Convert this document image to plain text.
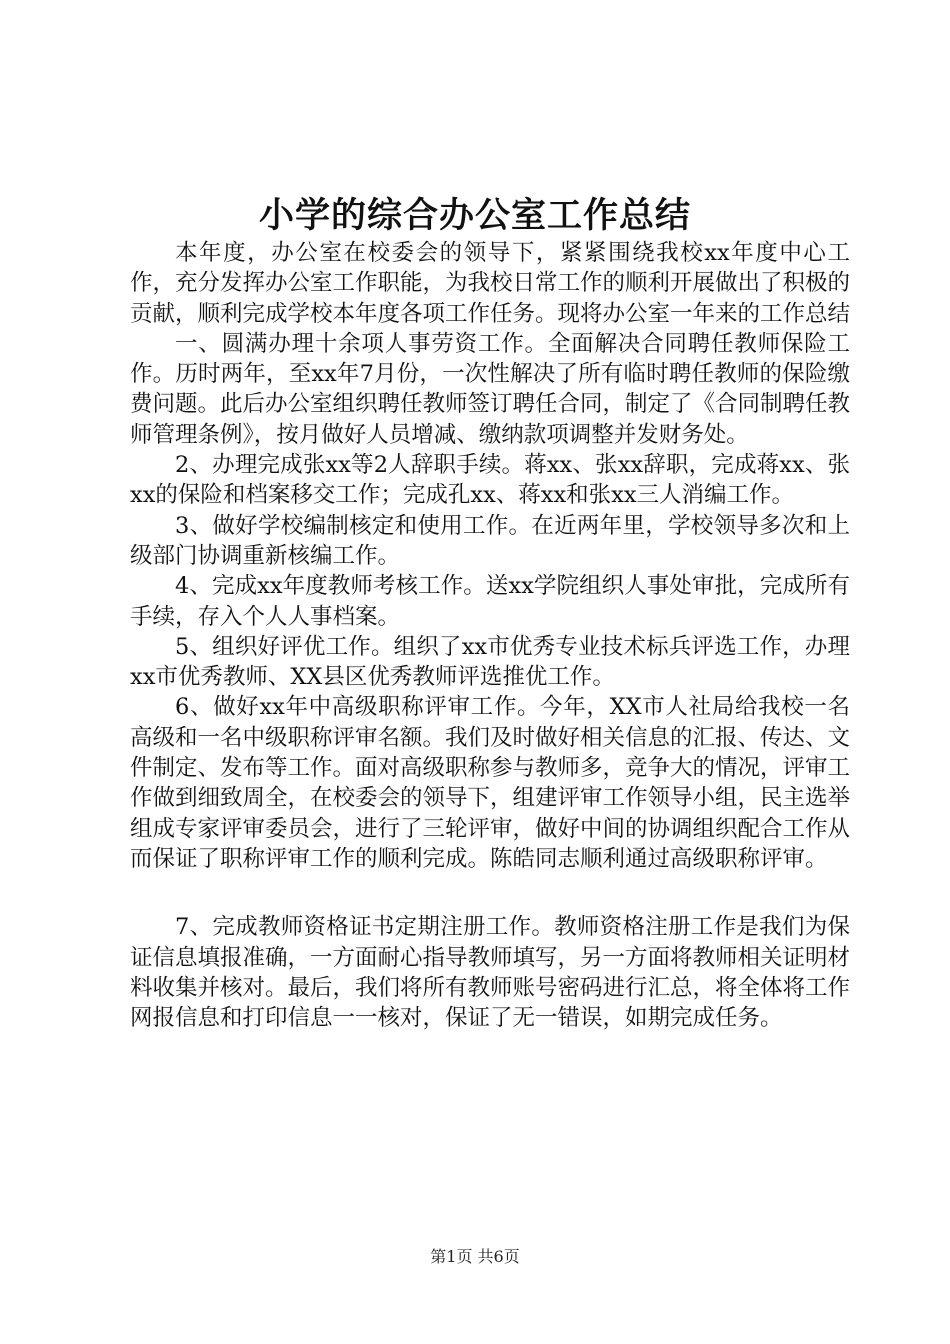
小学的综合办公室工作总结

本年度，办公室在校委会的领导下，紧紧围绕我校xx年度中心工作，充分发挥办公室工作职能，为我校日常工作的顺利开展做出了积极的贡献，顺利完成学校本年度各项工作任务。现将办公室一年来的工作总结

一、圆满办理十余项人事劳资工作。全面解决合同聘任教师保险工作。历时两年，至xx年7月份，一次性解决了所有临时聘任教师的保险缴费问题。此后办公室组织聘任教师签订聘任合同，制定了《合同制聘任教师管理条例》，按月做好人员增减、缴纳款项调整并发财务处。

2、办理完成张xx等2人辞职手续。蒋xx、张xx辞职，完成蒋xx、张xx的保险和档案移交工作；完成孔xx、蒋xx和张xx三人消编工作。

3、做好学校编制核定和使用工作。在近两年里，学校领导多次和上级部门协调重新核编工作。

4、完成xx年度教师考核工作。送xx学院组织人事处审批，完成所有手续，存入个人人事档案。

5、组织好评优工作。组织了xx市优秀专业技术标兵评选工作，办理xx市优秀教师、XX县区优秀教师评选推优工作。

6、做好xx年中高级职称评审工作。今年，XX市人社局给我校一名高级和一名中级职称评审名额。我们及时做好相关信息的汇报、传达、文件制定、发布等工作。面对高级职称参与教师多，竞争大的情况，评审工作做到细致周全，在校委会的领导下，组建评审工作领导小组，民主选举组成专家评审委员会，进行了三轮评审，做好中间的协调组织配合工作从而保证了职称评审工作的顺利完成。陈皓同志顺利通过高级职称评审。

7、完成教师资格证书定期注册工作。教师资格注册工作是我们为保证信息填报准确，一方面耐心指导教师填写，另一方面将教师相关证明材料收集并核对。最后，我们将所有教师账号密码进行汇总，将全体将工作网报信息和打印信息一一核对，保证了无一错误，如期完成任务。

第1页 共6页
